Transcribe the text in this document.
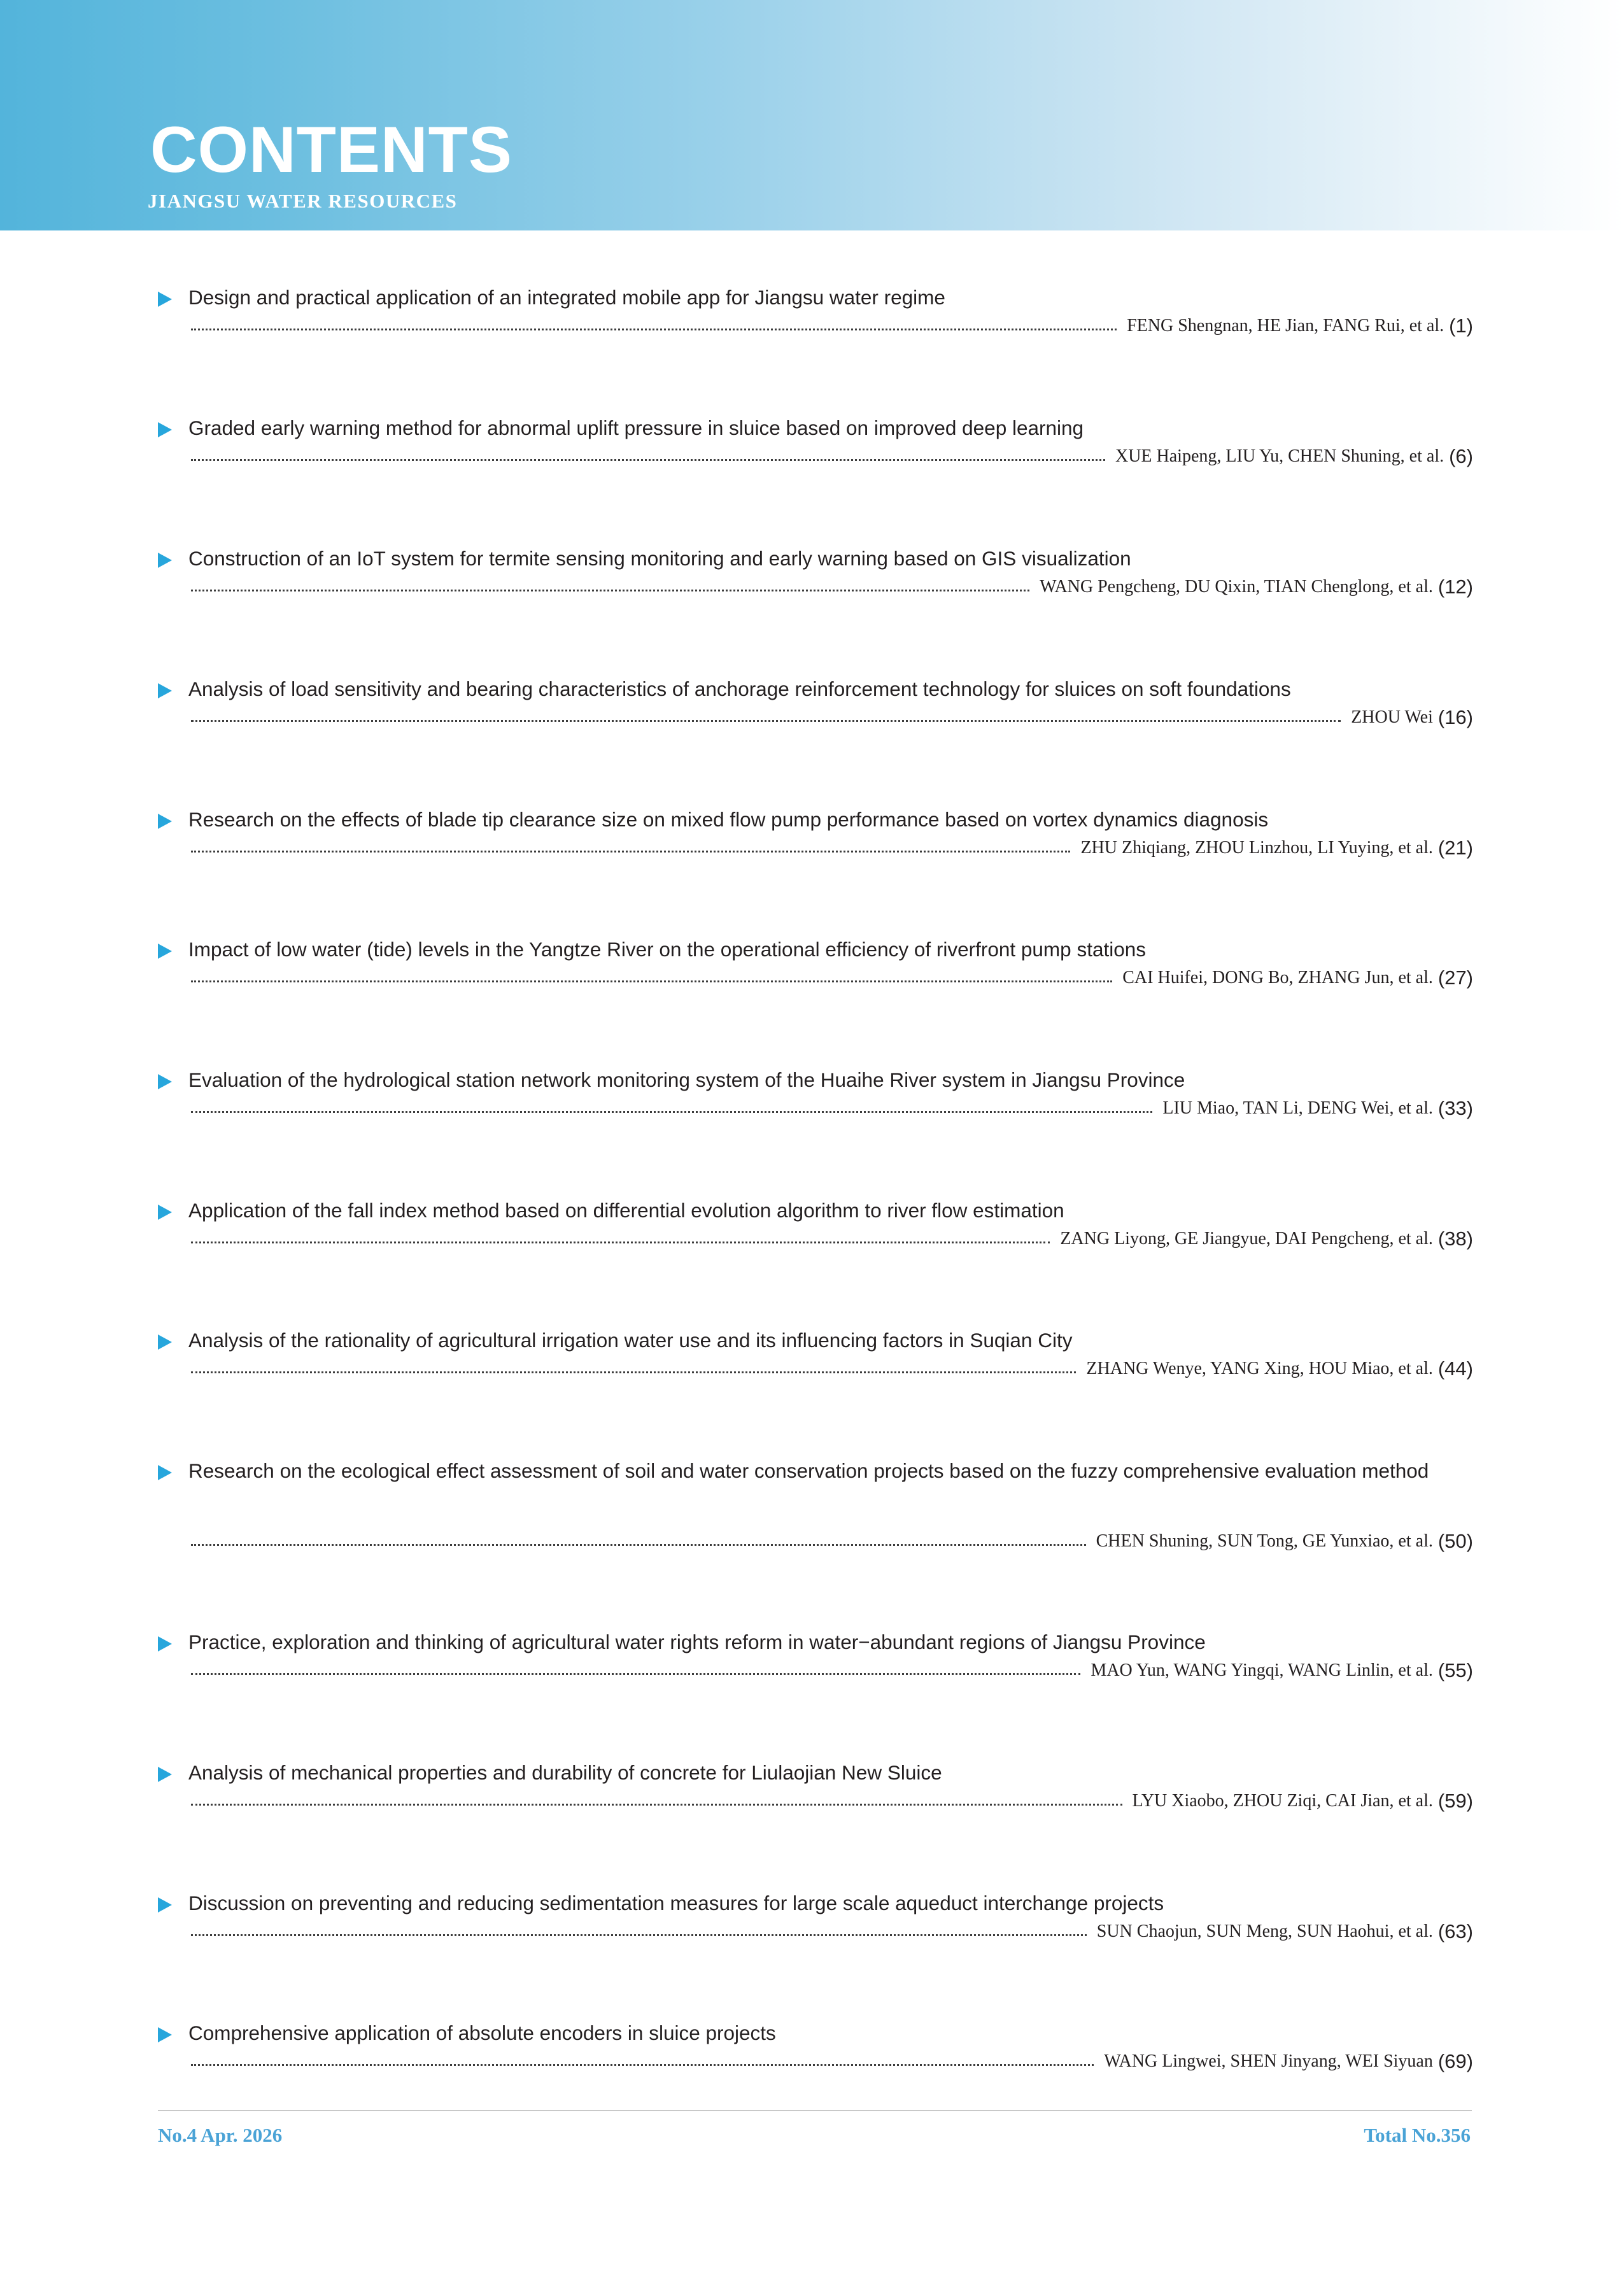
CONTENTS
JIANGSU WATER RESOURCES
Design and practical application of an integrated mobile app for Jiangsu water regime
FENG Shengnan, HE Jian, FANG Rui, et al. (1)
Graded early warning method for abnormal uplift pressure in sluice based on improved deep learning
XUE Haipeng, LIU Yu, CHEN Shuning, et al. (6)
Construction of an IoT system for termite sensing monitoring and early warning based on GIS visualization
WANG Pengcheng, DU Qixin, TIAN Chenglong, et al. (12)
Analysis of load sensitivity and bearing characteristics of anchorage reinforcement technology for sluices on soft foundations
ZHOU Wei (16)
Research on the effects of blade tip clearance size on mixed flow pump performance based on vortex dynamics diagnosis
ZHU Zhiqiang, ZHOU Linzhou, LI Yuying, et al. (21)
Impact of low water (tide) levels in the Yangtze River on the operational efficiency of riverfront pump stations
CAI Huifei, DONG Bo, ZHANG Jun, et al. (27)
Evaluation of the hydrological station network monitoring system of the Huaihe River system in Jiangsu Province
LIU Miao, TAN Li, DENG Wei, et al. (33)
Application of the fall index method based on differential evolution algorithm to river flow estimation
ZANG Liyong, GE Jiangyue, DAI Pengcheng, et al. (38)
Analysis of the rationality of agricultural irrigation water use and its influencing factors in Suqian City
ZHANG Wenye, YANG Xing, HOU Miao, et al. (44)
Research on the ecological effect assessment of soil and water conservation projects based on the fuzzy comprehensive evaluation method
CHEN Shuning, SUN Tong, GE Yunxiao, et al. (50)
Practice, exploration and thinking of agricultural water rights reform in water−abundant regions of Jiangsu Province
MAO Yun, WANG Yingqi, WANG Linlin, et al. (55)
Analysis of mechanical properties and durability of concrete for Liulaojian New Sluice
LYU Xiaobo, ZHOU Ziqi, CAI Jian, et al. (59)
Discussion on preventing and reducing sedimentation measures for large scale aqueduct interchange projects
SUN Chaojun, SUN Meng, SUN Haohui, et al. (63)
Comprehensive application of absolute encoders in sluice projects
WANG Lingwei, SHEN Jinyang, WEI Siyuan (69)
No.4 Apr. 2026	Total No.356
